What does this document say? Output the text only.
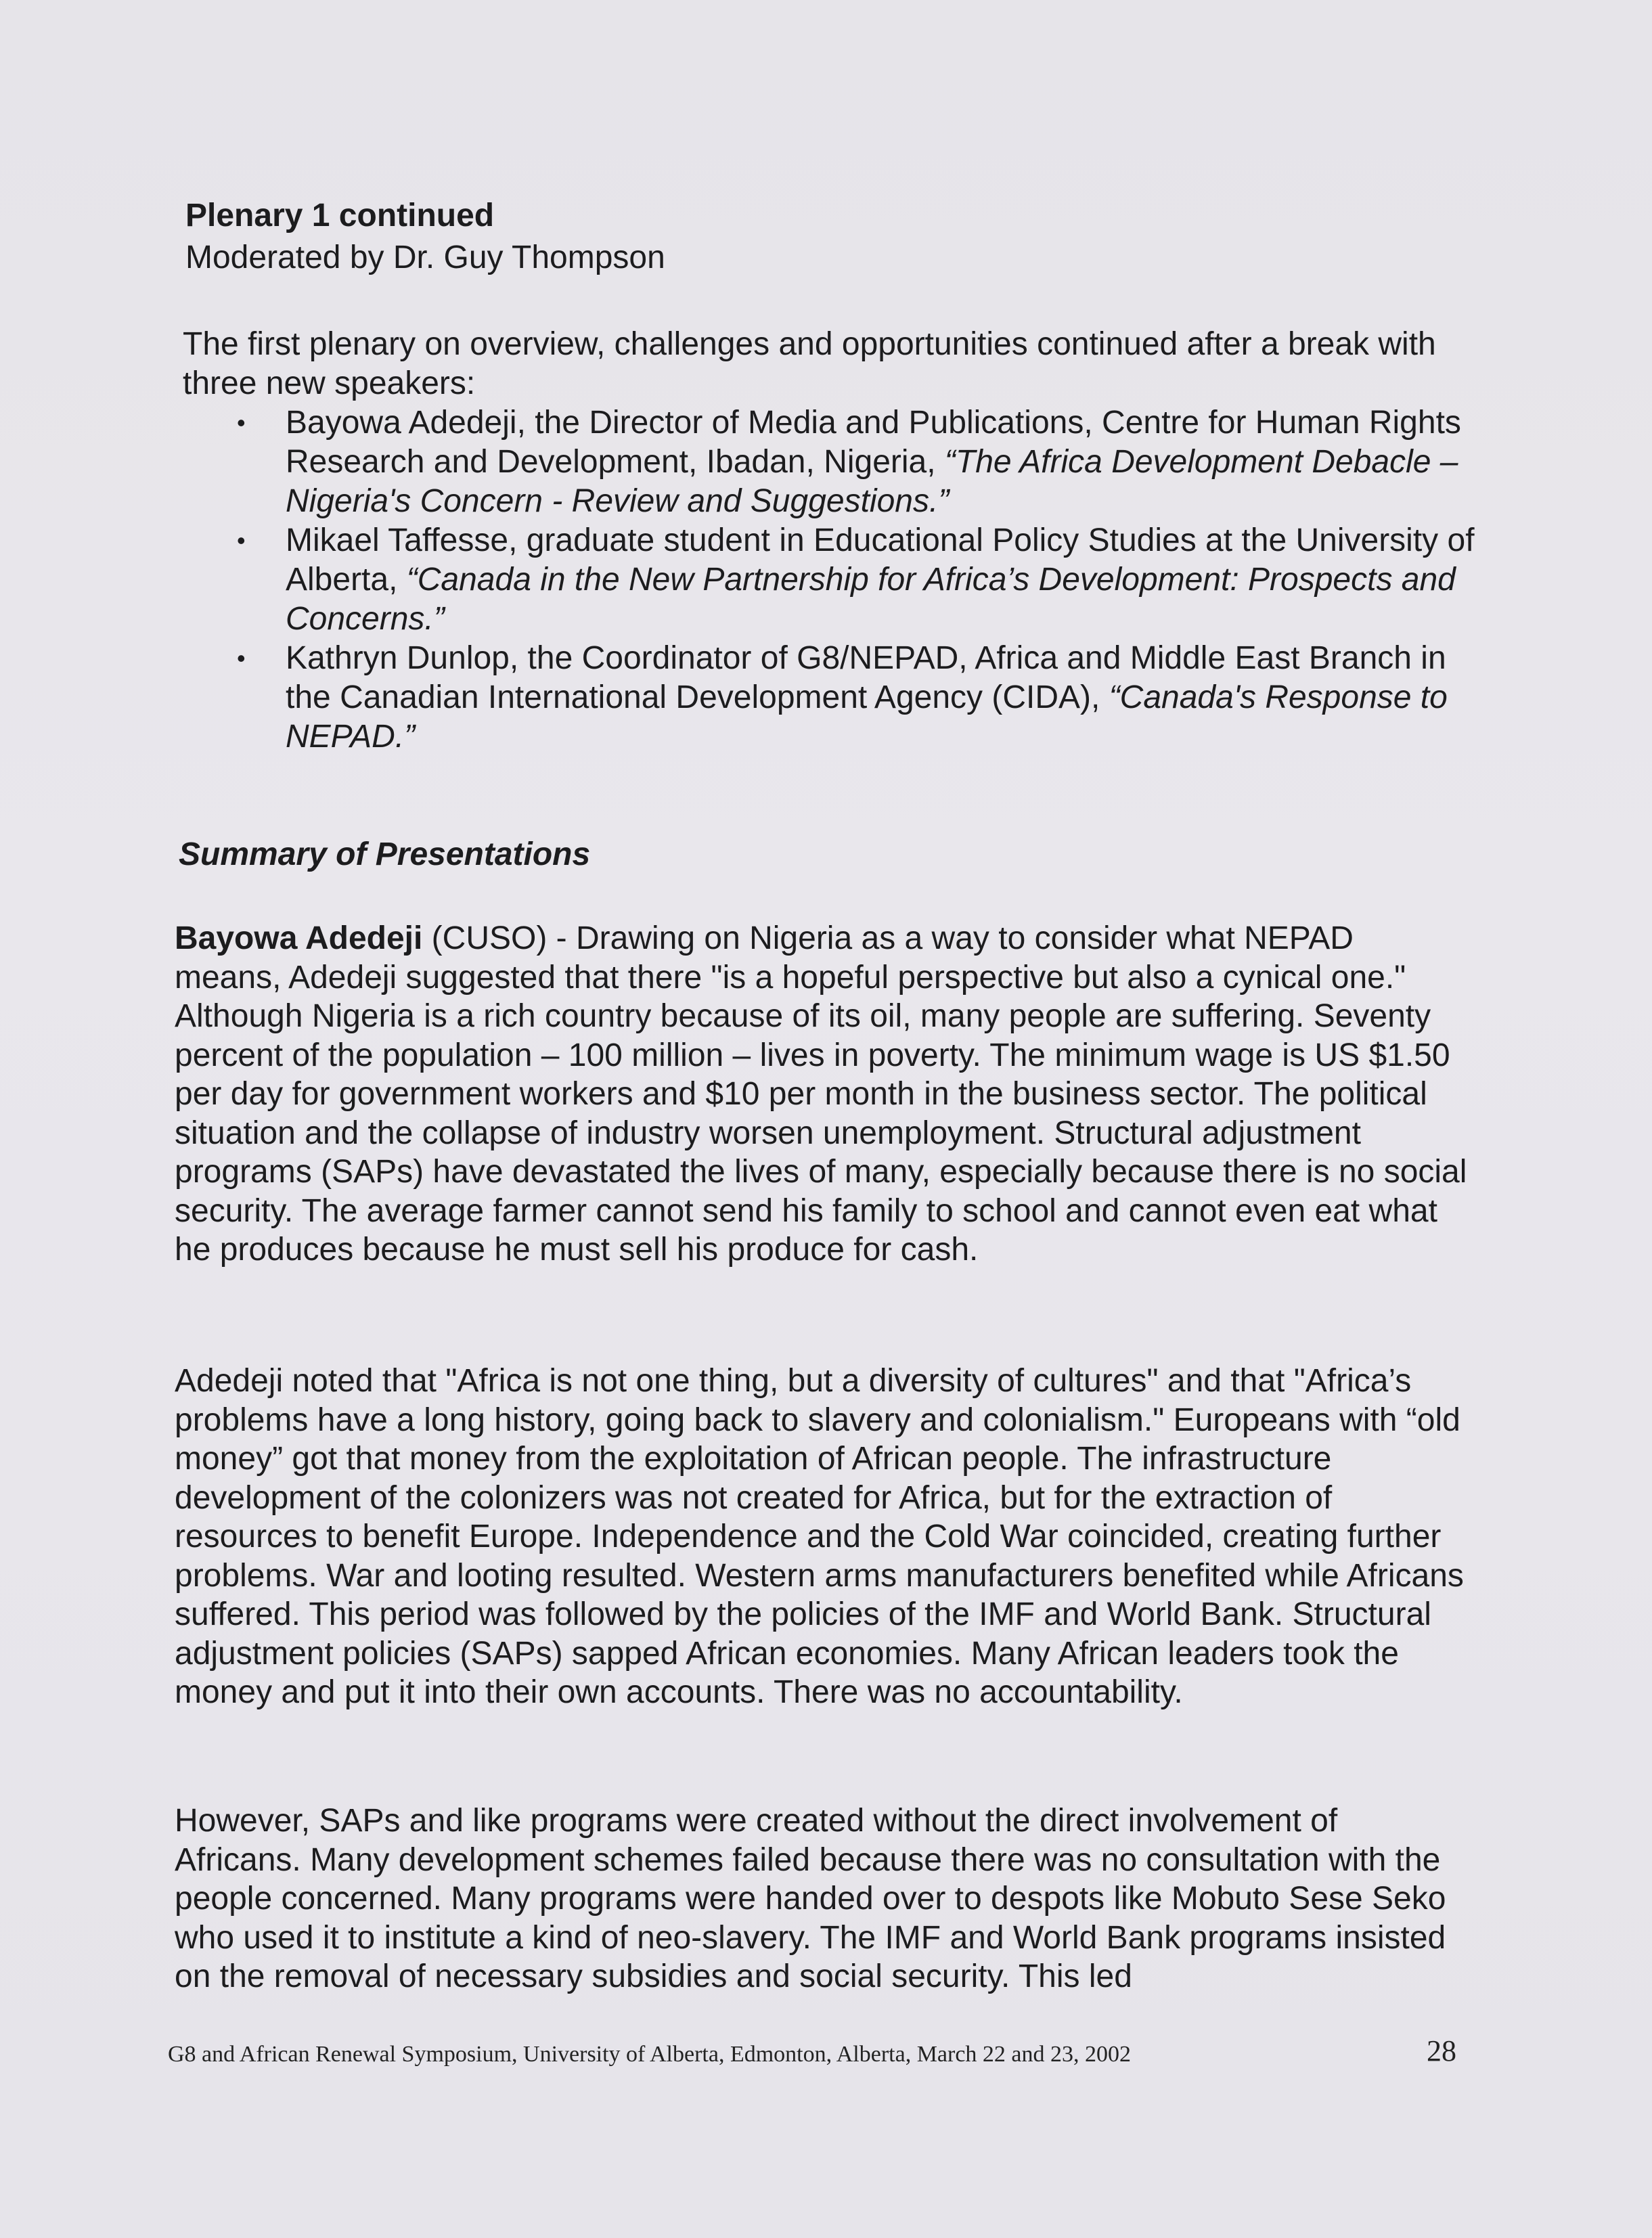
Plenary 1 continued

Moderated by Dr. Guy Thompson

The first plenary on overview, challenges and opportunities continued after a break with three new speakers:

• Bayowa Adedeji, the Director of Media and Publications, Centre for Human Rights Research and Development, Ibadan, Nigeria, “The Africa Development Debacle – Nigeria's Concern - Review and Suggestions.”
• Mikael Taffesse, graduate student in Educational Policy Studies at the University of Alberta, “Canada in the New Partnership for Africa’s Development: Prospects and Concerns.”
• Kathryn Dunlop, the Coordinator of G8/NEPAD, Africa and Middle East Branch in the Canadian International Development Agency (CIDA), “Canada's Response to NEPAD.”

Summary of Presentations

Bayowa Adedeji (CUSO) - Drawing on Nigeria as a way to consider what NEPAD means, Adedeji suggested that there "is a hopeful perspective but also a cynical one." Although Nigeria is a rich country because of its oil, many people are suffering. Seventy percent of the population – 100 million – lives in poverty. The minimum wage is US $1.50 per day for government workers and $10 per month in the business sector. The political situation and the collapse of industry worsen unemployment. Structural adjustment programs (SAPs) have devastated the lives of many, especially because there is no social security. The average farmer cannot send his family to school and cannot even eat what he produces because he must sell his produce for cash.

Adedeji noted that "Africa is not one thing, but a diversity of cultures" and that "Africa’s problems have a long history, going back to slavery and colonialism." Europeans with “old money” got that money from the exploitation of African people. The infrastructure development of the colonizers was not created for Africa, but for the extraction of resources to benefit Europe. Independence and the Cold War coincided, creating further problems. War and looting resulted. Western arms manufacturers benefited while Africans suffered. This period was followed by the policies of the IMF and World Bank. Structural adjustment policies (SAPs) sapped African economies. Many African leaders took the money and put it into their own accounts. There was no accountability.

However, SAPs and like programs were created without the direct involvement of Africans. Many development schemes failed because there was no consultation with the people concerned. Many programs were handed over to despots like Mobuto Sese Seko who used it to institute a kind of neo-slavery. The IMF and World Bank programs insisted on the removal of necessary subsidies and social security. This led

G8 and African Renewal Symposium, University of Alberta, Edmonton, Alberta, March 22 and 23, 2002	28
